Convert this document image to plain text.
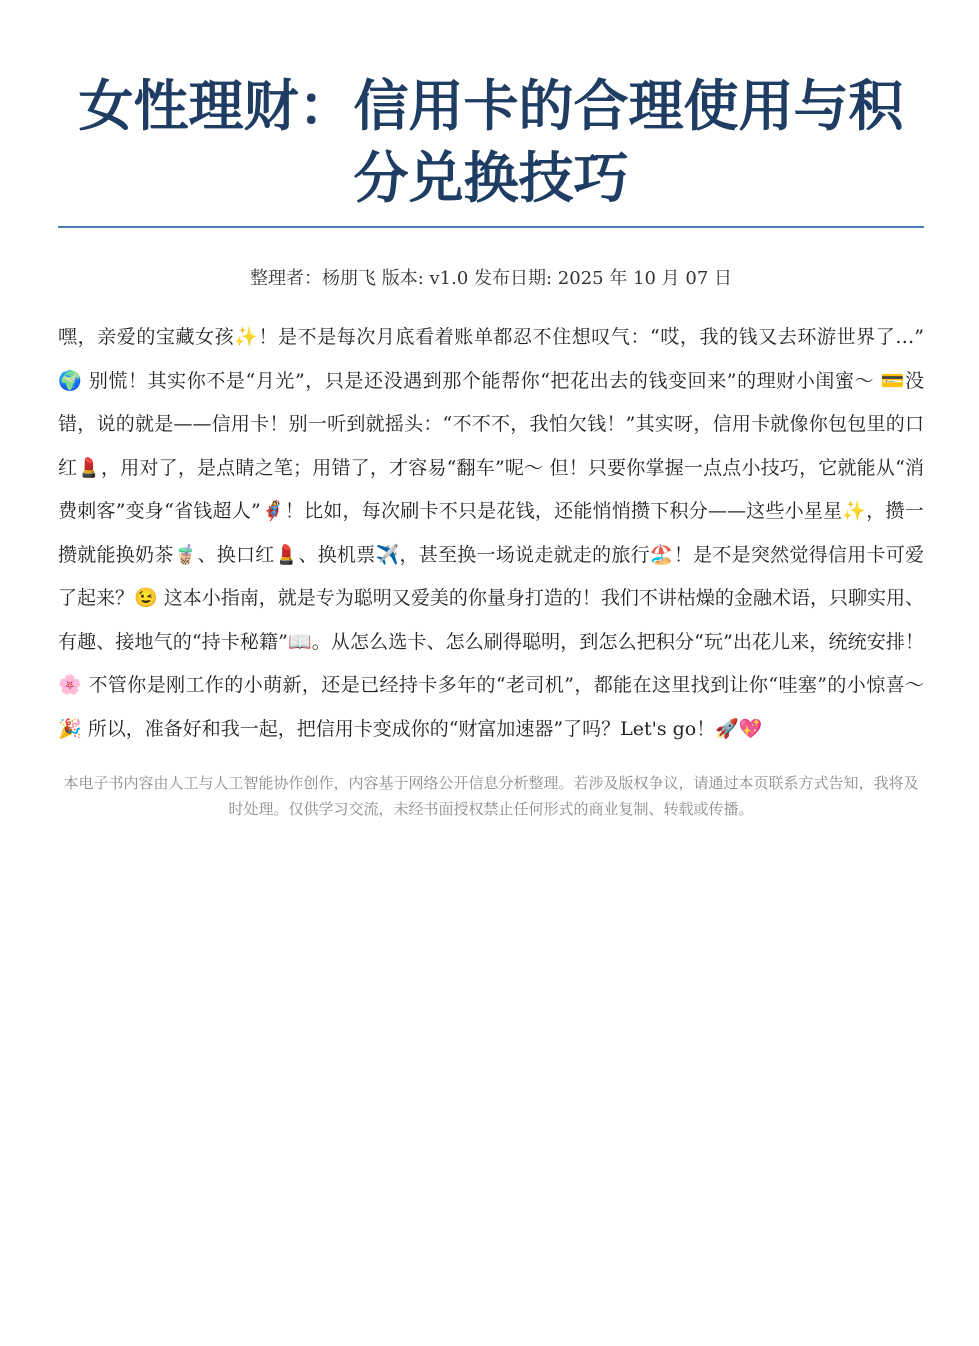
女性理财：信用卡的合理使用与积分兑换技巧
整理者：杨朋飞 版本: v1.0 发布日期: 2025 年 10 月 07 日

嘿，亲爱的宝藏女孩✨！是不是每次月底看着账单都忍不住想叹气：“哎，我的钱又去环游世界了…” 🌍 别慌！其实你不是“月光”，只是还没遇到那个能帮你“把花出去的钱变回来”的理财小闺蜜～ 💳没错，说的就是——信用卡！别一听到就摇头：“不不不，我怕欠钱！”其实呀，信用卡就像你包包里的口红💄，用对了，是点睛之笔；用错了，才容易“翻车”呢～ 但！只要你掌握一点点小技巧，它就能从“消费刺客”变身“省钱超人”🦸‍♀️！比如，每次刷卡不只是花钱，还能悄悄攒下积分——这些小星星✨，攒一攒就能换奶茶🧋、换口红💄、换机票✈️，甚至换一场说走就走的旅行🏖️！是不是突然觉得信用卡可爱了起来？😉 这本小指南，就是专为聪明又爱美的你量身打造的！我们不讲枯燥的金融术语，只聊实用、有趣、接地气的“持卡秘籍”📖。从怎么选卡、怎么刷得聪明，到怎么把积分“玩”出花儿来，统统安排！🌸 不管你是刚工作的小萌新，还是已经持卡多年的“老司机”，都能在这里找到让你“哇塞”的小惊喜～ 🎉 所以，准备好和我一起，把信用卡变成你的“财富加速器”了吗？Let's go！🚀💖

本电子书内容由人工与人工智能协作创作，内容基于网络公开信息分析整理。若涉及版权争议，请通过本页联系方式告知，我将及时处理。仅供学习交流，未经书面授权禁止任何形式的商业复制、转载或传播。
